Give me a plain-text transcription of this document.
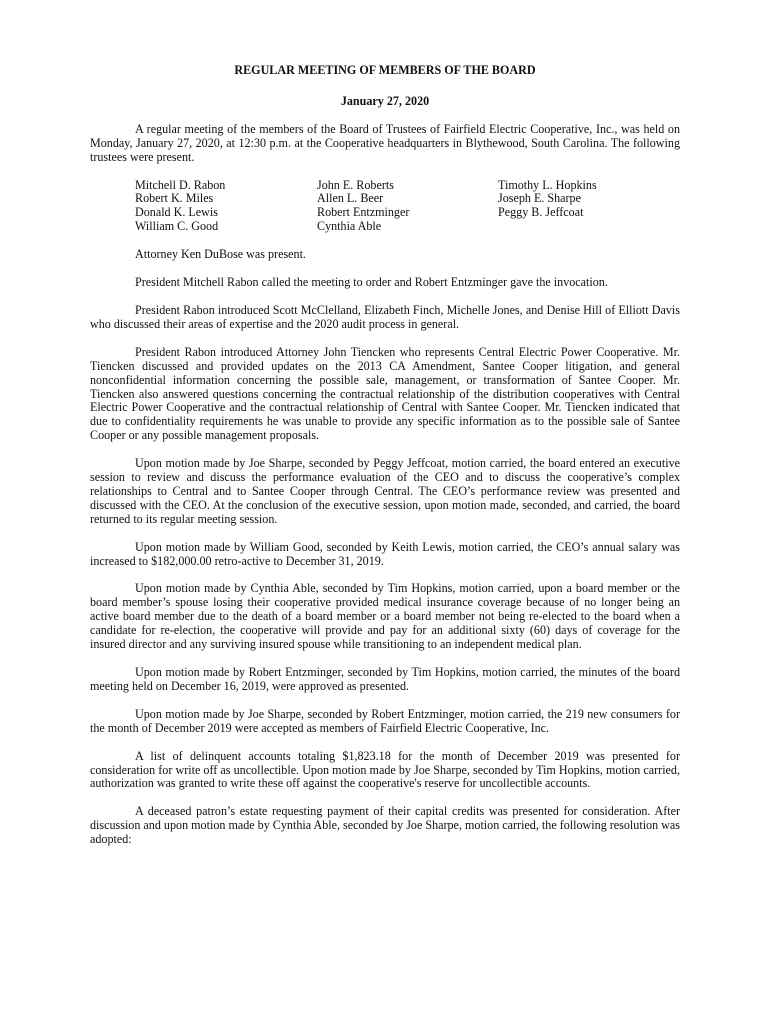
REGULAR MEETING OF MEMBERS OF THE BOARD
January 27, 2020

A regular meeting of the members of the Board of Trustees of Fairfield Electric Cooperative, Inc., was held on Monday, January 27, 2020, at 12:30 p.m. at the Cooperative headquarters in Blythewood, South Carolina. The following trustees were present.

Mitchell D. Rabon
Robert K. Miles
Donald K. Lewis
William C. Good
John E. Roberts
Allen L. Beer
Robert Entzminger
Cynthia Able
Timothy L. Hopkins
Joseph E. Sharpe
Peggy B. Jeffcoat

Attorney Ken DuBose was present.

President Mitchell Rabon called the meeting to order and Robert Entzminger gave the invocation.

President Rabon introduced Scott McClelland, Elizabeth Finch, Michelle Jones, and Denise Hill of Elliott Davis who discussed their areas of expertise and the 2020 audit process in general.

President Rabon introduced Attorney John Tiencken who represents Central Electric Power Cooperative. Mr. Tiencken discussed and provided updates on the 2013 CA Amendment, Santee Cooper litigation, and general nonconfidential information concerning the possible sale, management, or transformation of Santee Cooper. Mr. Tiencken also answered questions concerning the contractual relationship of the distribution cooperatives with Central Electric Power Cooperative and the contractual relationship of Central with Santee Cooper. Mr. Tiencken indicated that due to confidentiality requirements he was unable to provide any specific information as to the possible sale of Santee Cooper or any possible management proposals.

Upon motion made by Joe Sharpe, seconded by Peggy Jeffcoat, motion carried, the board entered an executive session to review and discuss the performance evaluation of the CEO and to discuss the cooperative’s complex relationships to Central and to Santee Cooper through Central. The CEO’s performance review was presented and discussed with the CEO. At the conclusion of the executive session, upon motion made, seconded, and carried, the board returned to its regular meeting session.

Upon motion made by William Good, seconded by Keith Lewis, motion carried, the CEO’s annual salary was increased to $182,000.00 retro-active to December 31, 2019.

Upon motion made by Cynthia Able, seconded by Tim Hopkins, motion carried, upon a board member or the board member’s spouse losing their cooperative provided medical insurance coverage because of no longer being an active board member due to the death of a board member or a board member not being re-elected to the board when a candidate for re-election, the cooperative will provide and pay for an additional sixty (60) days of coverage for the insured director and any surviving insured spouse while transitioning to an independent medical plan.

Upon motion made by Robert Entzminger, seconded by Tim Hopkins, motion carried, the minutes of the board meeting held on December 16, 2019, were approved as presented.

Upon motion made by Joe Sharpe, seconded by Robert Entzminger, motion carried, the 219 new consumers for the month of December 2019 were accepted as members of Fairfield Electric Cooperative, Inc.

A list of delinquent accounts totaling $1,823.18 for the month of December 2019 was presented for consideration for write off as uncollectible. Upon motion made by Joe Sharpe, seconded by Tim Hopkins, motion carried, authorization was granted to write these off against the cooperative's reserve for uncollectible accounts.

A deceased patron’s estate requesting payment of their capital credits was presented for consideration. After discussion and upon motion made by Cynthia Able, seconded by Joe Sharpe, motion carried, the following resolution was adopted:
